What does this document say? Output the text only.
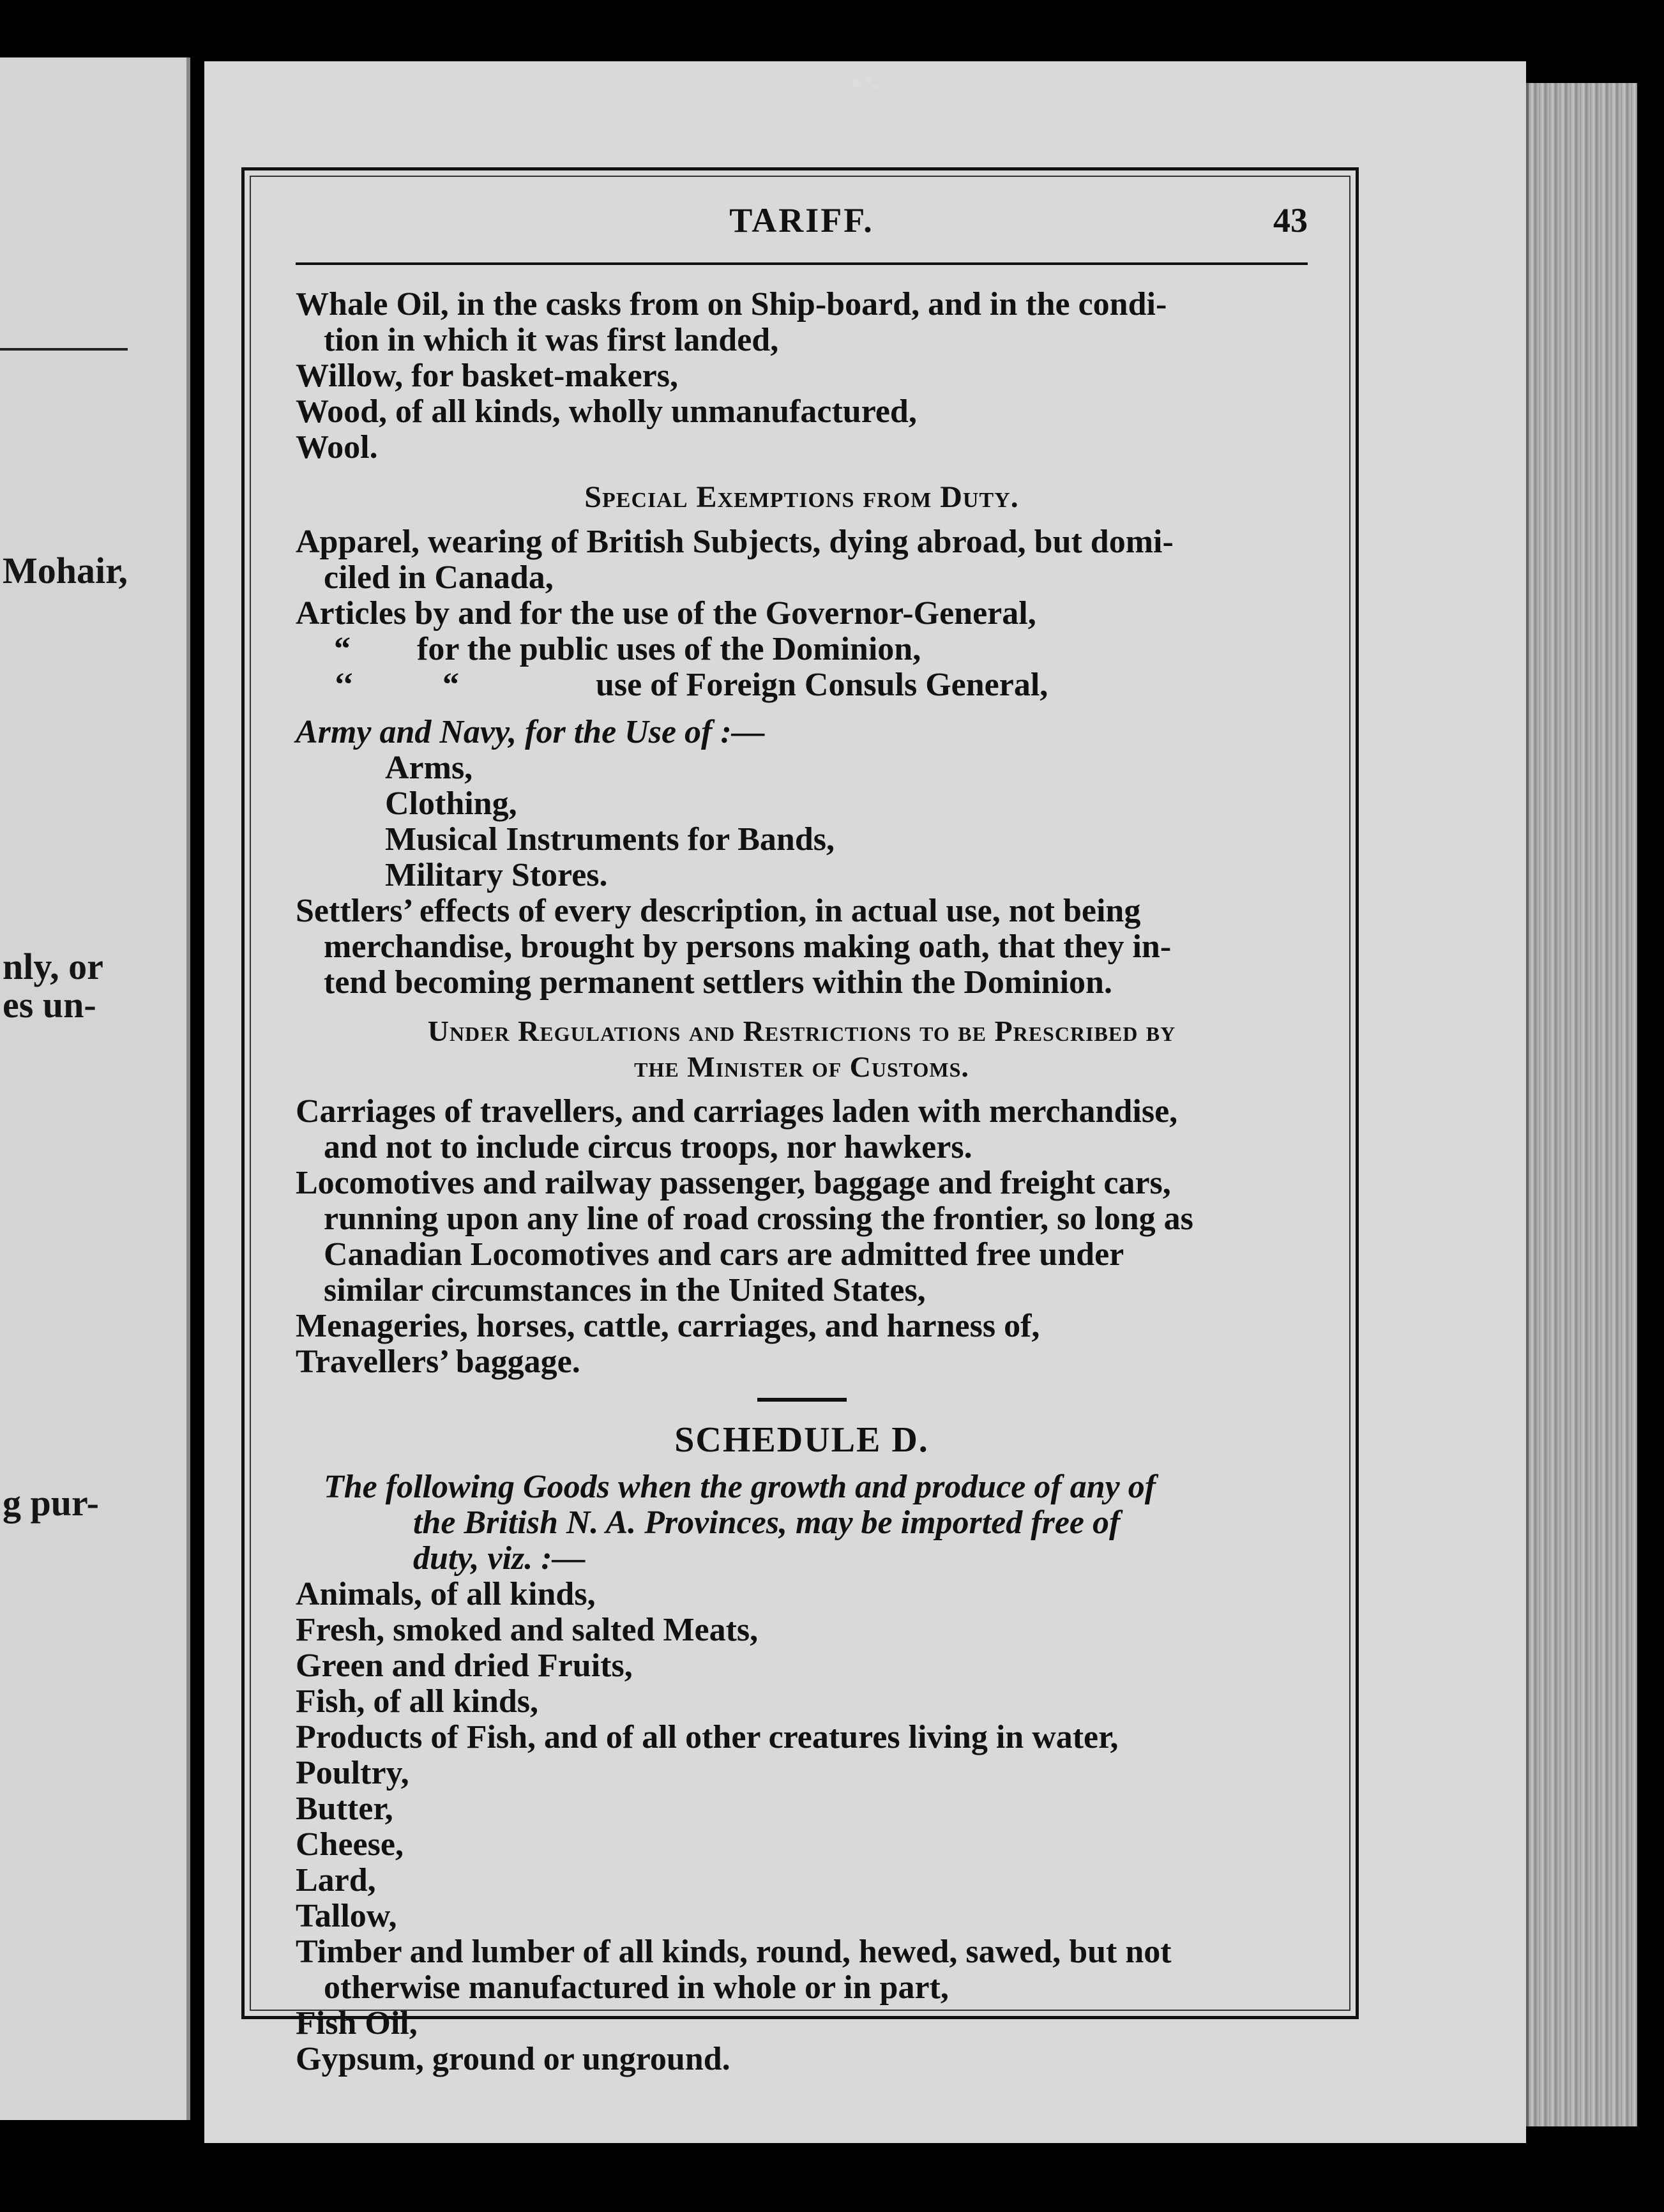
Mohair,
nly, or
es un-
g pur-
TARIFF.	43
Whale Oil, in the casks from on Ship-board, and in the condi-
tion in which it was first landed,
Willow, for basket-makers,
Wood, of all kinds, wholly unmanufactured,
Wool.
Special Exemptions from Duty.
Apparel, wearing of British Subjects, dying abroad, but domi-
ciled in Canada,
Articles by and for the use of the Governor-General,
“ for the public uses of the Dominion,
‘‘	“	use of Foreign Consuls General,
Army and Navy, for the Use of :—
Arms,
Clothing,
Musical Instruments for Bands,
Military Stores.
Settlers’ effects of every description, in actual use, not being
merchandise, brought by persons making oath, that they in-
tend becoming permanent settlers within the Dominion.
Under Regulations and Restrictions to be Prescribed by
the Minister of Customs.
Carriages of travellers, and carriages laden with merchandise,
and not to include circus troops, nor hawkers.
Locomotives and railway passenger, baggage and freight cars,
running upon any line of road crossing the frontier, so long as
Canadian Locomotives and cars are admitted free under
similar circumstances in the United States,
Menageries, horses, cattle, carriages, and harness of,
Travellers’ baggage.
SCHEDULE D.
The following Goods when the growth and produce of any of
the British N. A. Provinces, may be imported free of
duty, viz. :—
Animals, of all kinds,
Fresh, smoked and salted Meats,
Green and dried Fruits,
Fish, of all kinds,
Products of Fish, and of all other creatures living in water,
Poultry,
Butter,
Cheese,
Lard,
Tallow,
Timber and lumber of all kinds, round, hewed, sawed, but not
otherwise manufactured in whole or in part,
Fish Oil,
Gypsum, ground or unground.
